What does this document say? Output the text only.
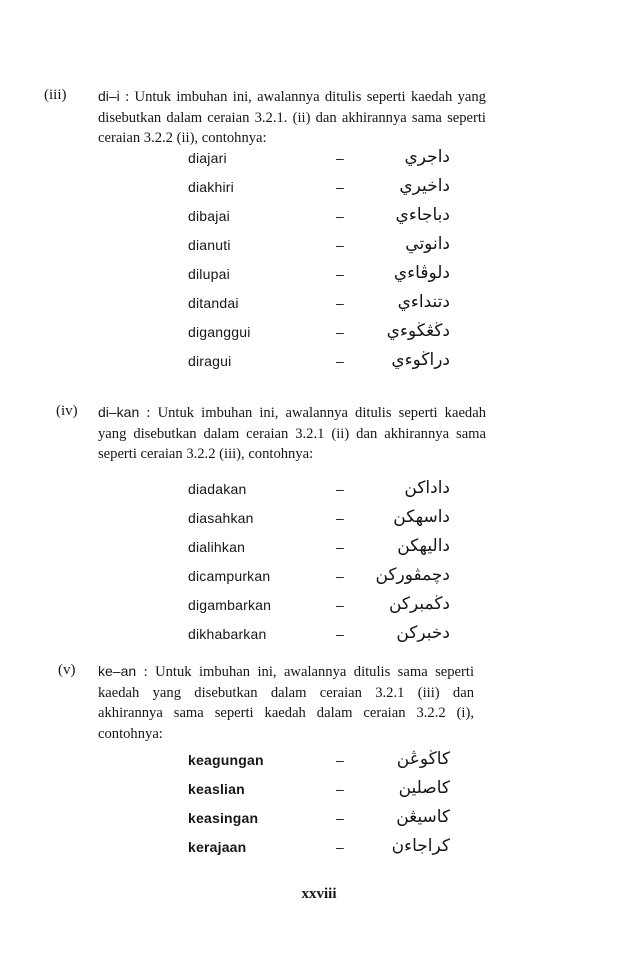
(iii)	di–i : Untuk imbuhan ini, awalannya ditulis seperti kaedah yang disebutkan dalam ceraian 3.2.1. (ii) dan akhirannya sama seperti ceraian 3.2.2 (ii), contohnya:
diajari	–	داجري
diakhiri	–	داخيري
dibajai	–	دباجاءي
dianuti	–	دانوتي
dilupai	–	دلوڤاءي
ditandai	–	دتنداءي
diganggui	–	دڬڠڬوءي
diragui	–	دراڬوءي
(iv)	di–kan : Untuk imbuhan ini, awalannya ditulis seperti kaedah yang disebutkan dalam ceraian 3.2.1 (ii) dan akhirannya sama seperti ceraian 3.2.2 (iii), contohnya:
diadakan	–	داداکن
diasahkan	–	داسهکن
dialihkan	–	داليهکن
dicampurkan	–	دچمڤورکن
digambarkan	–	دڬمبرکن
dikhabarkan	–	دخبرکن
(v)	ke–an : Untuk imbuhan ini, awalannya ditulis sama seperti kaedah yang disebutkan dalam ceraian 3.2.1 (iii) dan akhirannya sama seperti kaedah dalam ceraian 3.2.2 (i), contohnya:
keagungan	–	کاڬوڠن
keaslian	–	کاصلين
keasingan	–	کاسيڠن
kerajaan	–	کراجاءن
xxviii
